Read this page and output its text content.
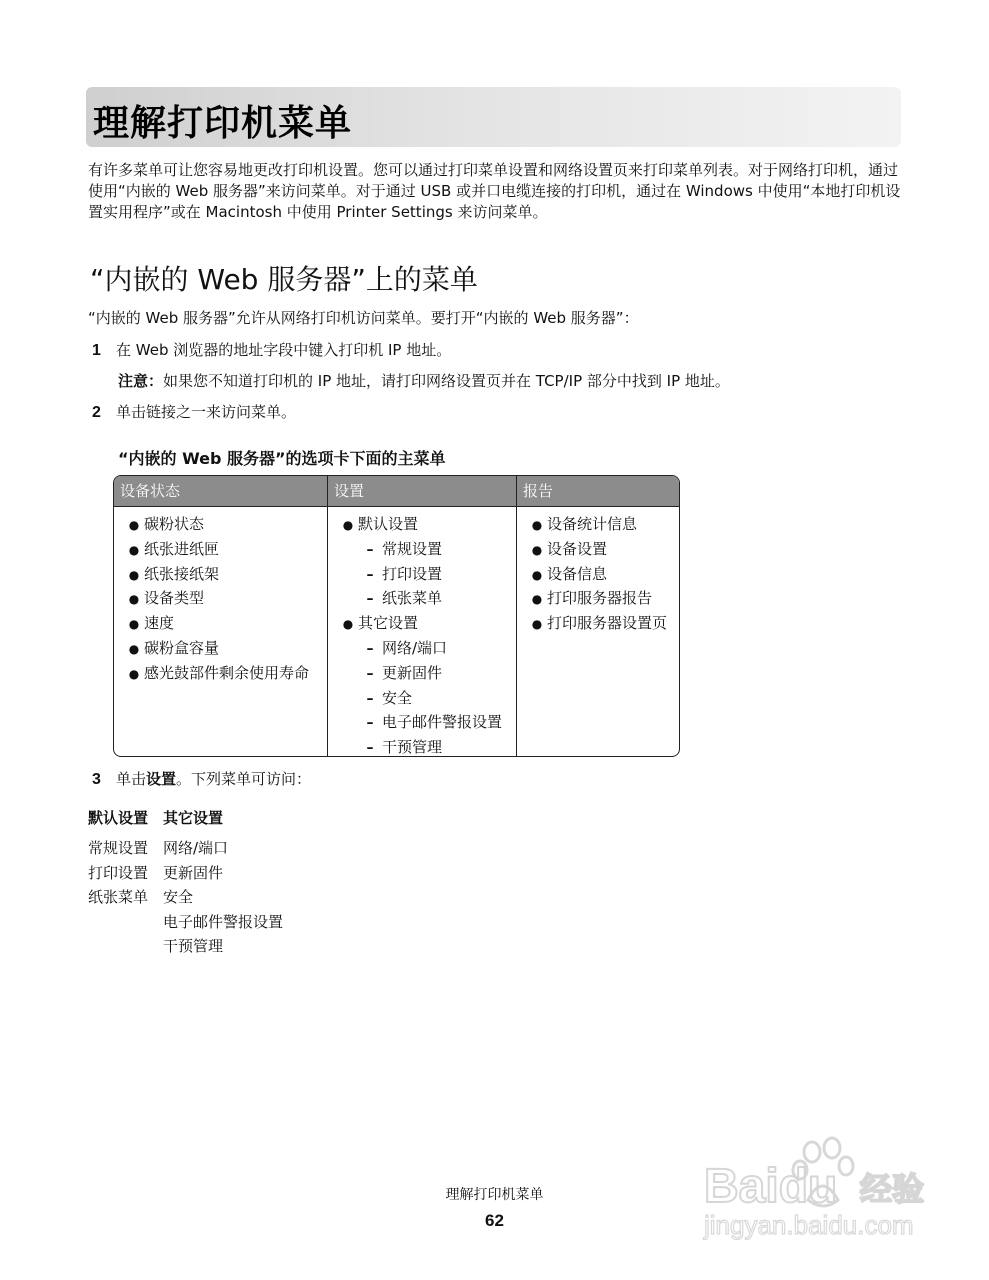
理解打印机菜单

有许多菜单可让您容易地更改打印机设置。您可以通过打印菜单设置和网络设置页来打印菜单列表。对于网络打印机，通过使用“内嵌的 Web 服务器”来访问菜单。对于通过 USB 或并口电缆连接的打印机，通过在 Windows 中使用“本地打印机设置实用程序”或在 Macintosh 中使用 Printer Settings 来访问菜单。

“内嵌的 Web 服务器”上的菜单

“内嵌的 Web 服务器”允许从网络打印机访问菜单。要打开“内嵌的 Web 服务器”：

1 在 Web 浏览器的地址字段中键入打印机 IP 地址。

注意：如果您不知道打印机的 IP 地址，请打印网络设置页并在 TCP/IP 部分中找到 IP 地址。

2 单击链接之一来访问菜单。

“内嵌的 Web 服务器”的选项卡下面的主菜单
设备状态
● 碳粉状态
● 纸张进纸匣
● 纸张接纸架
● 设备类型
● 速度
● 碳粉盒容量
● 感光鼓部件剩余使用寿命
设置
● 默认设置
– 常规设置
– 打印设置
– 纸张菜单
● 其它设置
– 网络/端口
– 更新固件
– 安全
– 电子邮件警报设置
– 干预管理
报告
● 设备统计信息
● 设备设置
● 设备信息
● 打印服务器报告
● 打印服务器设置页

3 单击设置。下列菜单可访问：

默认设置 其它设置
常规设置 网络/端口
打印设置 更新固件
纸张菜单 安全
电子邮件警报设置
干预管理
理解打印机菜单
62
Baidu 经验
jingyan.baidu.com
